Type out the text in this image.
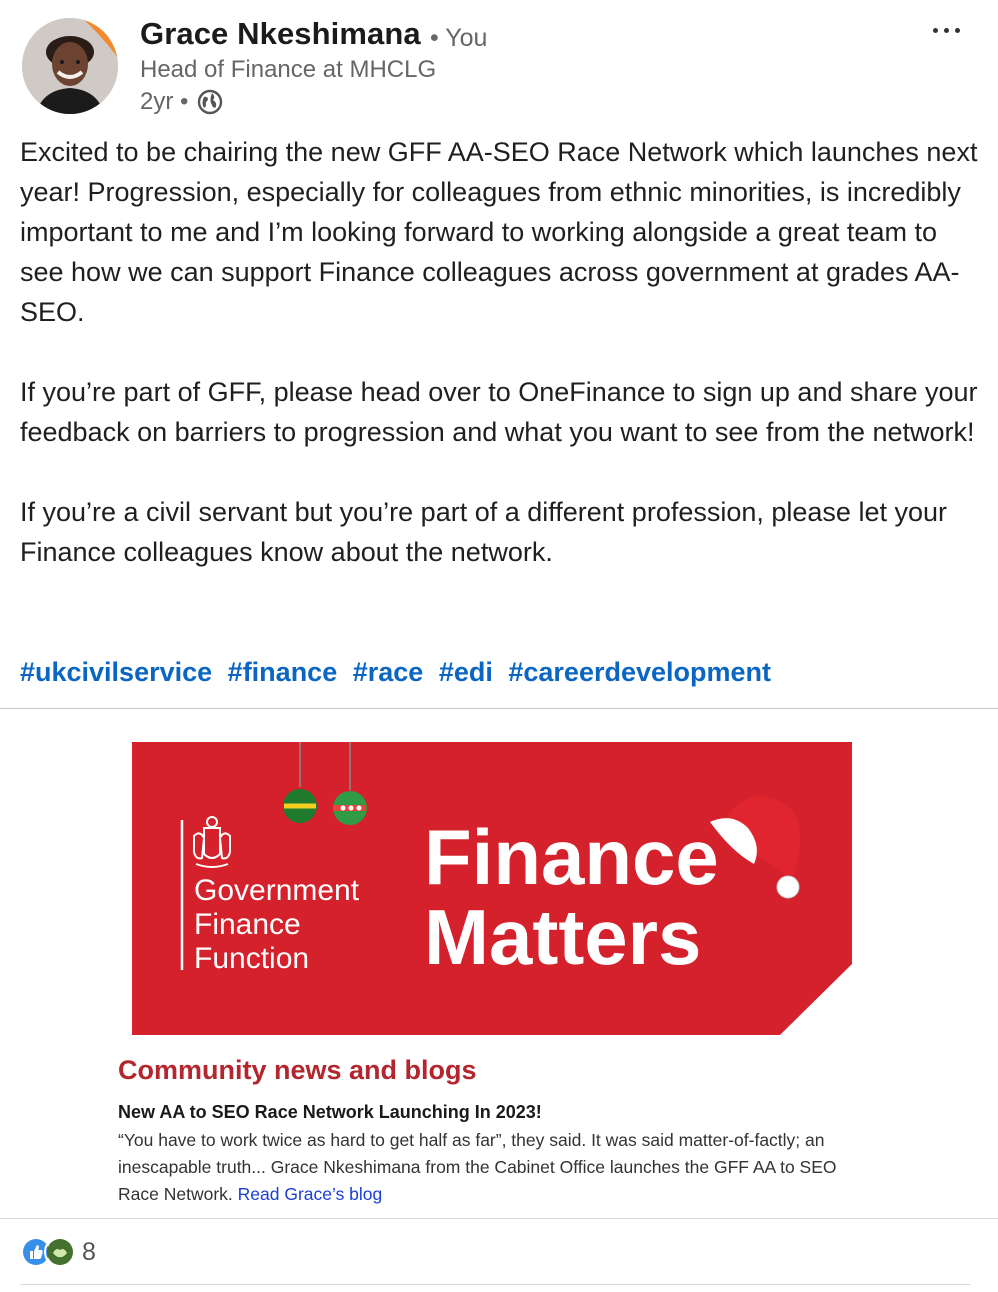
Grace Nkeshimana • You
Head of Finance at MHCLG
2yr •

Excited to be chairing the new GFF AA-SEO Race Network which launches next year! Progression, especially for colleagues from ethnic minorities, is incredibly important to me and I’m looking forward to working alongside a great team to see how we can support Finance colleagues across government at grades AA-SEO.

If you’re part of GFF, please head over to OneFinance to sign up and share your feedback on barriers to progression and what you want to see from the network!

If you’re a civil servant but you’re part of a different profession, please let your Finance colleagues know about the network.

#ukcivilservice #finance #race #edi #careerdevelopment
Government
Finance
Function
Finance
Matters
Community news and blogs
New AA to SEO Race Network Launching In 2023!
“You have to work twice as hard to get half as far”, they said. It was said matter-of-factly; an inescapable truth... Grace Nkeshimana from the Cabinet Office launches the GFF AA to SEO Race Network. Read Grace’s blog
8
